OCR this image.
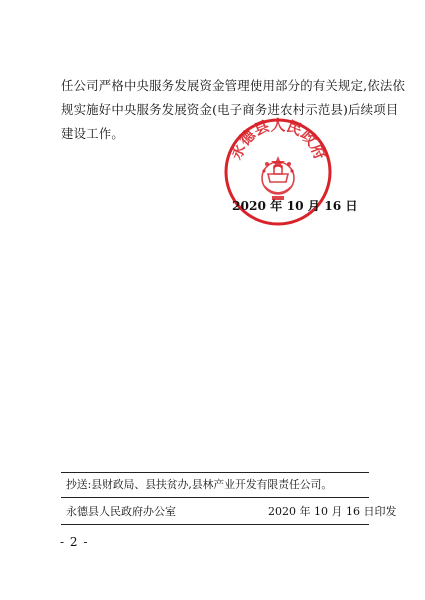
任公司严格中央服务发展资金管理使用部分的有关规定,依法依
规实施好中央服务发展资金(电子商务进农村示范县)后续项目
建设工作。
永德县人民政府
2020 年 10 月 16 日
抄送:县财政局、县扶贫办,县林产业开发有限责任公司。
永德县人民政府办公室	2020 年 10 月 16 日印发
- 2 -
